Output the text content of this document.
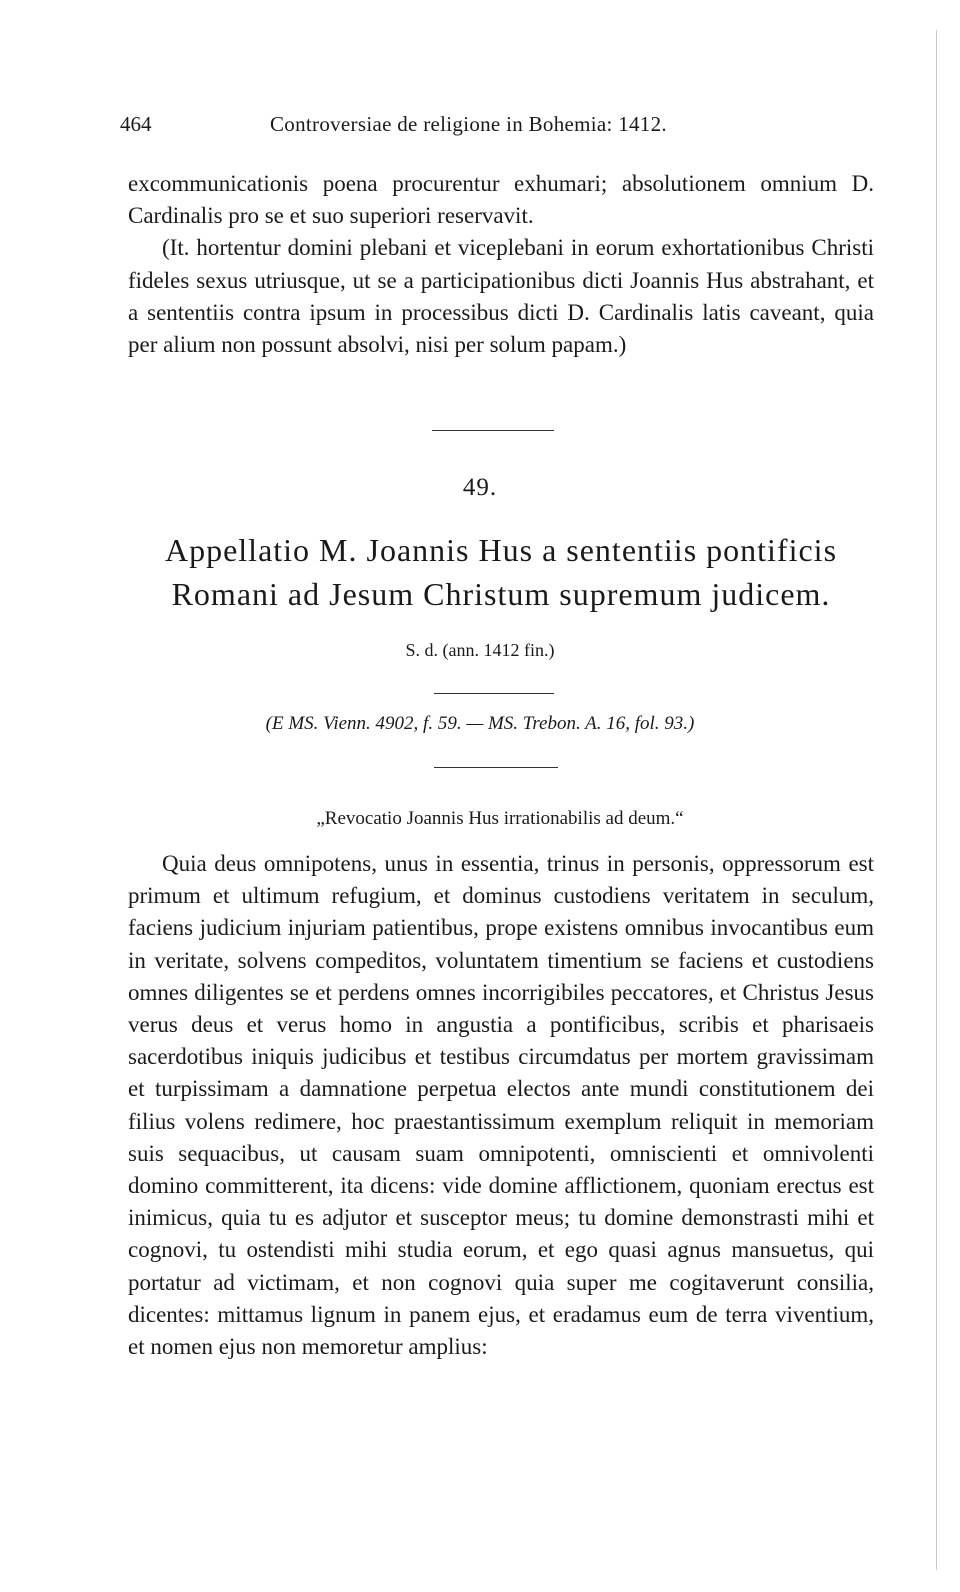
464	Controversiae de religione in Bohemia: 1412.

excommunicationis poena procurentur exhumari; absolutionem omnium D. Cardinalis pro se et suo superiori reservavit.

(It. hortentur domini plebani et viceplebani in eorum exhortationibus Christi fideles sexus utriusque, ut se a participationibus dicti Joannis Hus abstrahant, et a sententiis contra ipsum in processibus dicti D. Cardinalis latis caveant, quia per alium non possunt absolvi, nisi per solum papam.)

49.
Appellatio M. Joannis Hus a sententiis pontificis
Romani ad Jesum Christum supremum judicem.
S. d. (ann. 1412 fin.)
(E MS. Vienn. 4902, f. 59. — MS. Trebon. A. 16, fol. 93.)
„Revocatio Joannis Hus irrationabilis ad deum.“

Quia deus omnipotens, unus in essentia, trinus in personis, oppressorum est primum et ultimum refugium, et dominus custodiens veritatem in seculum, faciens judicium injuriam patientibus, prope existens omnibus invocantibus eum in veritate, solvens compeditos, voluntatem timentium se faciens et custodiens omnes diligentes se et perdens omnes incorrigibiles peccatores, et Christus Jesus verus deus et verus homo in angustia a pontificibus, scribis et pharisaeis sacerdotibus iniquis judicibus et testibus circumdatus per mortem gravissimam et turpissimam a damnatione perpetua electos ante mundi constitutionem dei filius volens redimere, hoc praestantissimum exemplum reliquit in memoriam suis sequacibus, ut causam suam omnipotenti, omniscienti et omnivolenti domino committerent, ita dicens: vide domine afflictionem, quoniam erectus est inimicus, quia tu es adjutor et susceptor meus; tu domine demonstrasti mihi et cognovi, tu ostendisti mihi studia eorum, et ego quasi agnus mansuetus, qui portatur ad victimam, et non cognovi quia super me cogitaverunt consilia, dicentes: mittamus lignum in panem ejus, et eradamus eum de terra viventium, et nomen ejus non memoretur amplius:
